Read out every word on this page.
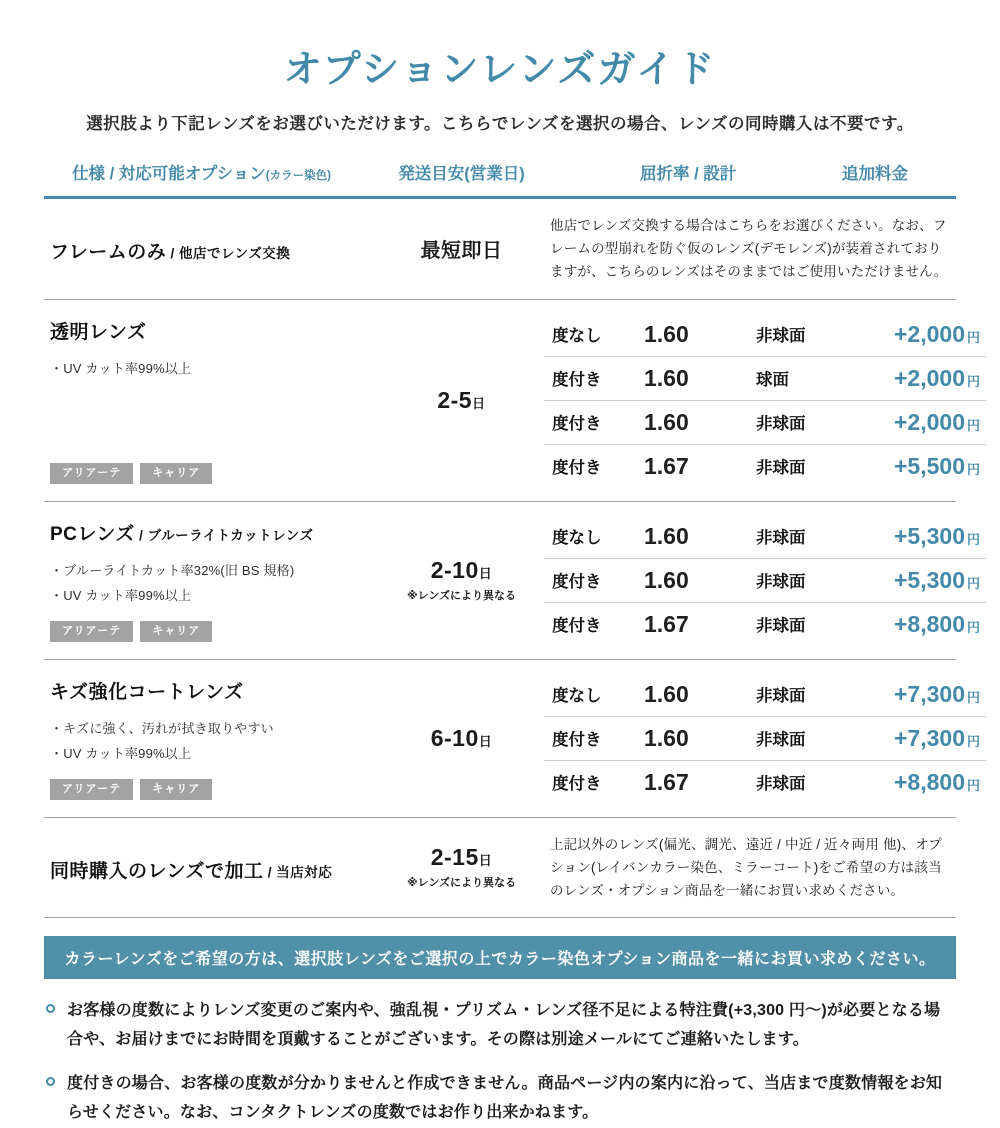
オプションレンズガイド

選択肢より下記レンズをお選びいただけます。こちらでレンズを選択の場合、レンズの同時購入は不要です。

仕様 / 対応可能オプション(カラー染色)	発送目安(営業日)	屈折率 / 設計	追加料金
フレームのみ / 他店でレンズ交換	最短即日

他店でレンズ交換する場合はこちらをお選びください。なお、フレームの型崩れを防ぐ仮のレンズ(デモレンズ)が装着されておりますが、こちらのレンズはそのままではご使用いただけません。

透明レンズ
・UV カット率99%以上
アリアーテ	キャリア
2-5日
度なし	1.60	非球面	+2,000 円
度付き	1.60	球面	+2,000 円
度付き	1.60	非球面	+2,000 円
度付き	1.67	非球面	+5,500 円
PCレンズ / ブルーライトカットレンズ
・ブルーライトカット率32%(旧 BS 規格)
・UV カット率99%以上
アリアーテ	キャリア
2-10日
※レンズにより異なる
度なし	1.60	非球面	+5,300 円
度付き	1.60	非球面	+5,300 円
度付き	1.67	非球面	+8,800 円
キズ強化コートレンズ
・キズに強く、汚れが拭き取りやすい
・UV カット率99%以上
アリアーテ	キャリア
6-10日
度なし	1.60	非球面	+7,300 円
度付き	1.60	非球面	+7,300 円
度付き	1.67	非球面	+8,800 円
同時購入のレンズで加工 / 当店対応
2-15日
※レンズにより異なる

上記以外のレンズ(偏光、調光、遠近 / 中近 / 近々両用 他)、オプション(レイバンカラー染色、ミラーコート)をご希望の方は該当のレンズ・オプション商品を一緒にお買い求めください。

カラーレンズをご希望の方は、選択肢レンズをご選択の上でカラー染色オプション商品を一緒にお買い求めください。

お客様の度数によりレンズ変更のご案内や、強乱視・プリズム・レンズ径不足による特注費(+3,300 円〜)が必要となる場合や、お届けまでにお時間を頂戴することがございます。その際は別途メールにてご連絡いたします。

度付きの場合、お客様の度数が分かりませんと作成できません。商品ページ内の案内に沿って、当店まで度数情報をお知らせください。なお、コンタクトレンズの度数ではお作り出来かねます。
